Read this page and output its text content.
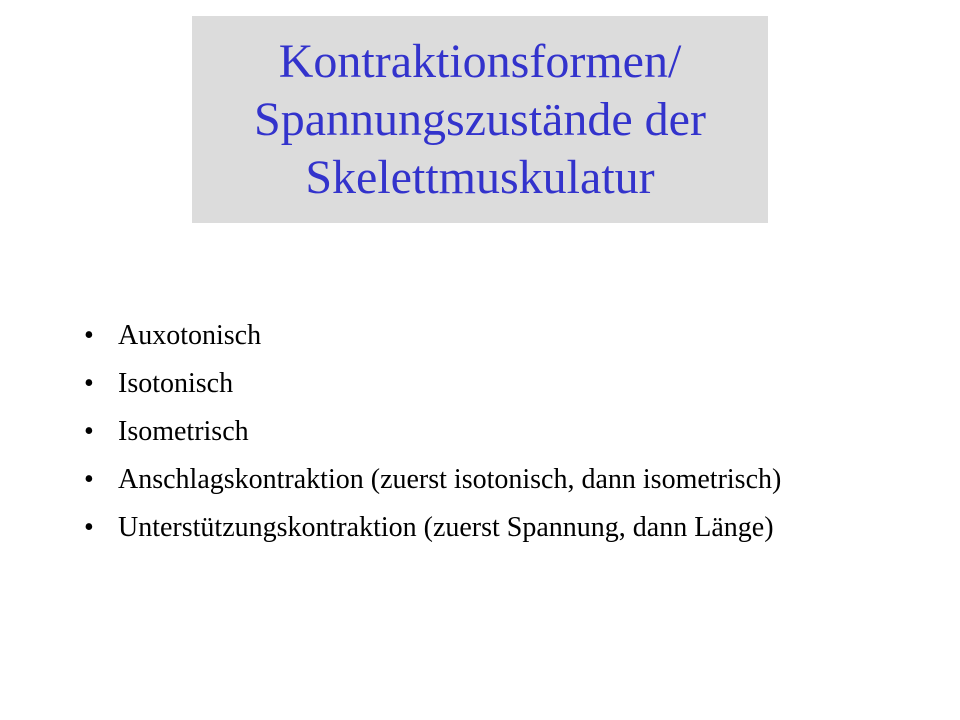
Kontraktionsformen/
Spannungszustände der
Skelettmuskulatur
• Auxotonisch
• Isotonisch
• Isometrisch
• Anschlagskontraktion (zuerst isotonisch, dann isometrisch)
• Unterstützungskontraktion (zuerst Spannung, dann Länge)
